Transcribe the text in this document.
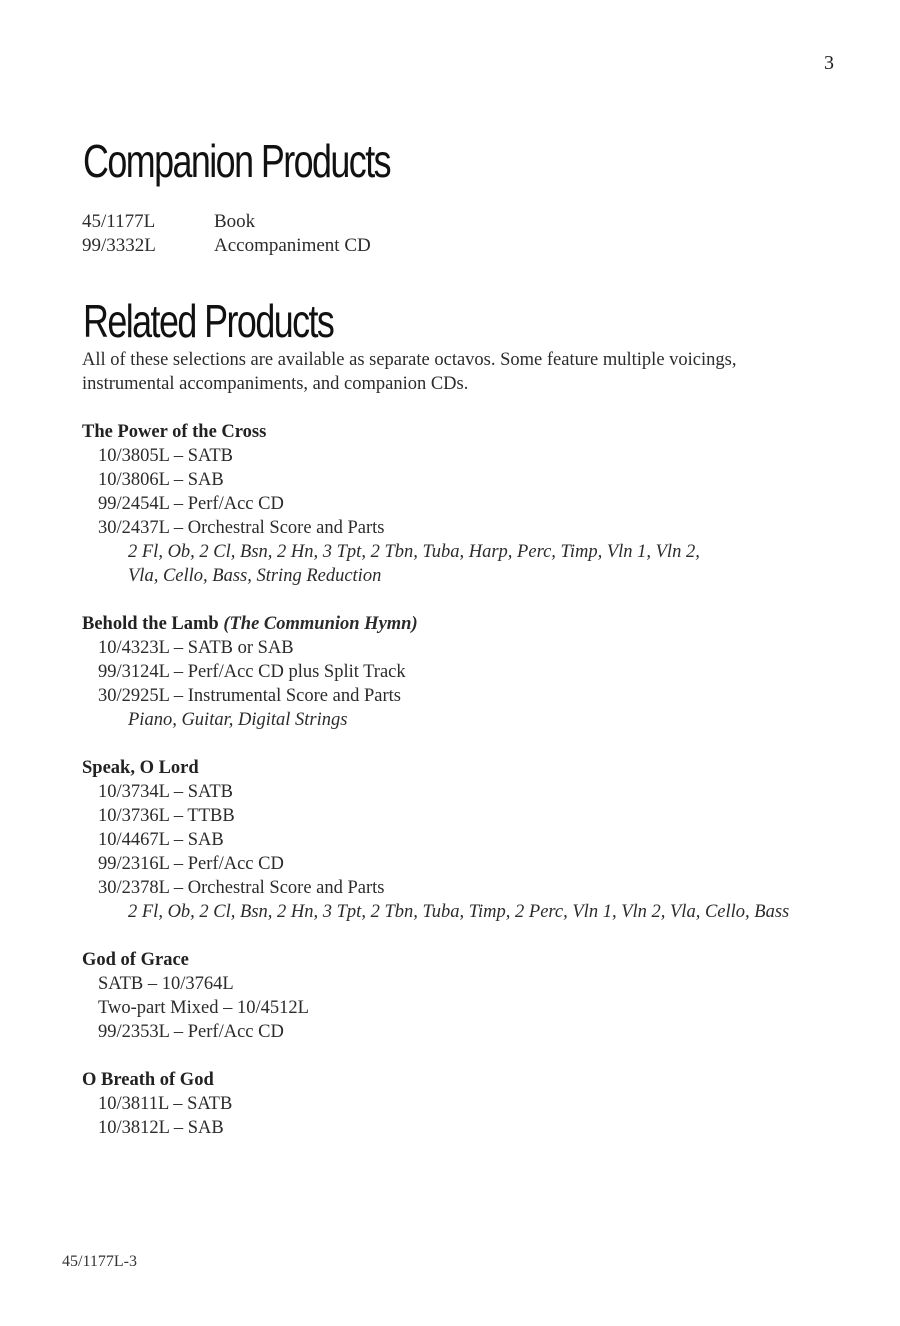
3
Companion Products
45/1177L	Book
99/3332L	Accompaniment CD
Related Products

All of these selections are available as separate octavos. Some feature multiple voicings, instrumental accompaniments, and companion CDs.

The Power of the Cross
10/3805L – SATB
10/3806L – SAB
99/2454L – Perf/Acc CD
30/2437L – Orchestral Score and Parts
2 Fl, Ob, 2 Cl, Bsn, 2 Hn, 3 Tpt, 2 Tbn, Tuba, Harp, Perc, Timp, Vln 1, Vln 2,
Vla, Cello, Bass, String Reduction
Behold the Lamb (The Communion Hymn)
10/4323L – SATB or SAB
99/3124L – Perf/Acc CD plus Split Track
30/2925L – Instrumental Score and Parts
Piano, Guitar, Digital Strings
Speak, O Lord
10/3734L – SATB
10/3736L – TTBB
10/4467L – SAB
99/2316L – Perf/Acc CD
30/2378L – Orchestral Score and Parts
2 Fl, Ob, 2 Cl, Bsn, 2 Hn, 3 Tpt, 2 Tbn, Tuba, Timp, 2 Perc, Vln 1, Vln 2, Vla, Cello, Bass
God of Grace
SATB – 10/3764L
Two-part Mixed – 10/4512L
99/2353L – Perf/Acc CD
O Breath of God
10/3811L – SATB
10/3812L – SAB
45/1177L-3
